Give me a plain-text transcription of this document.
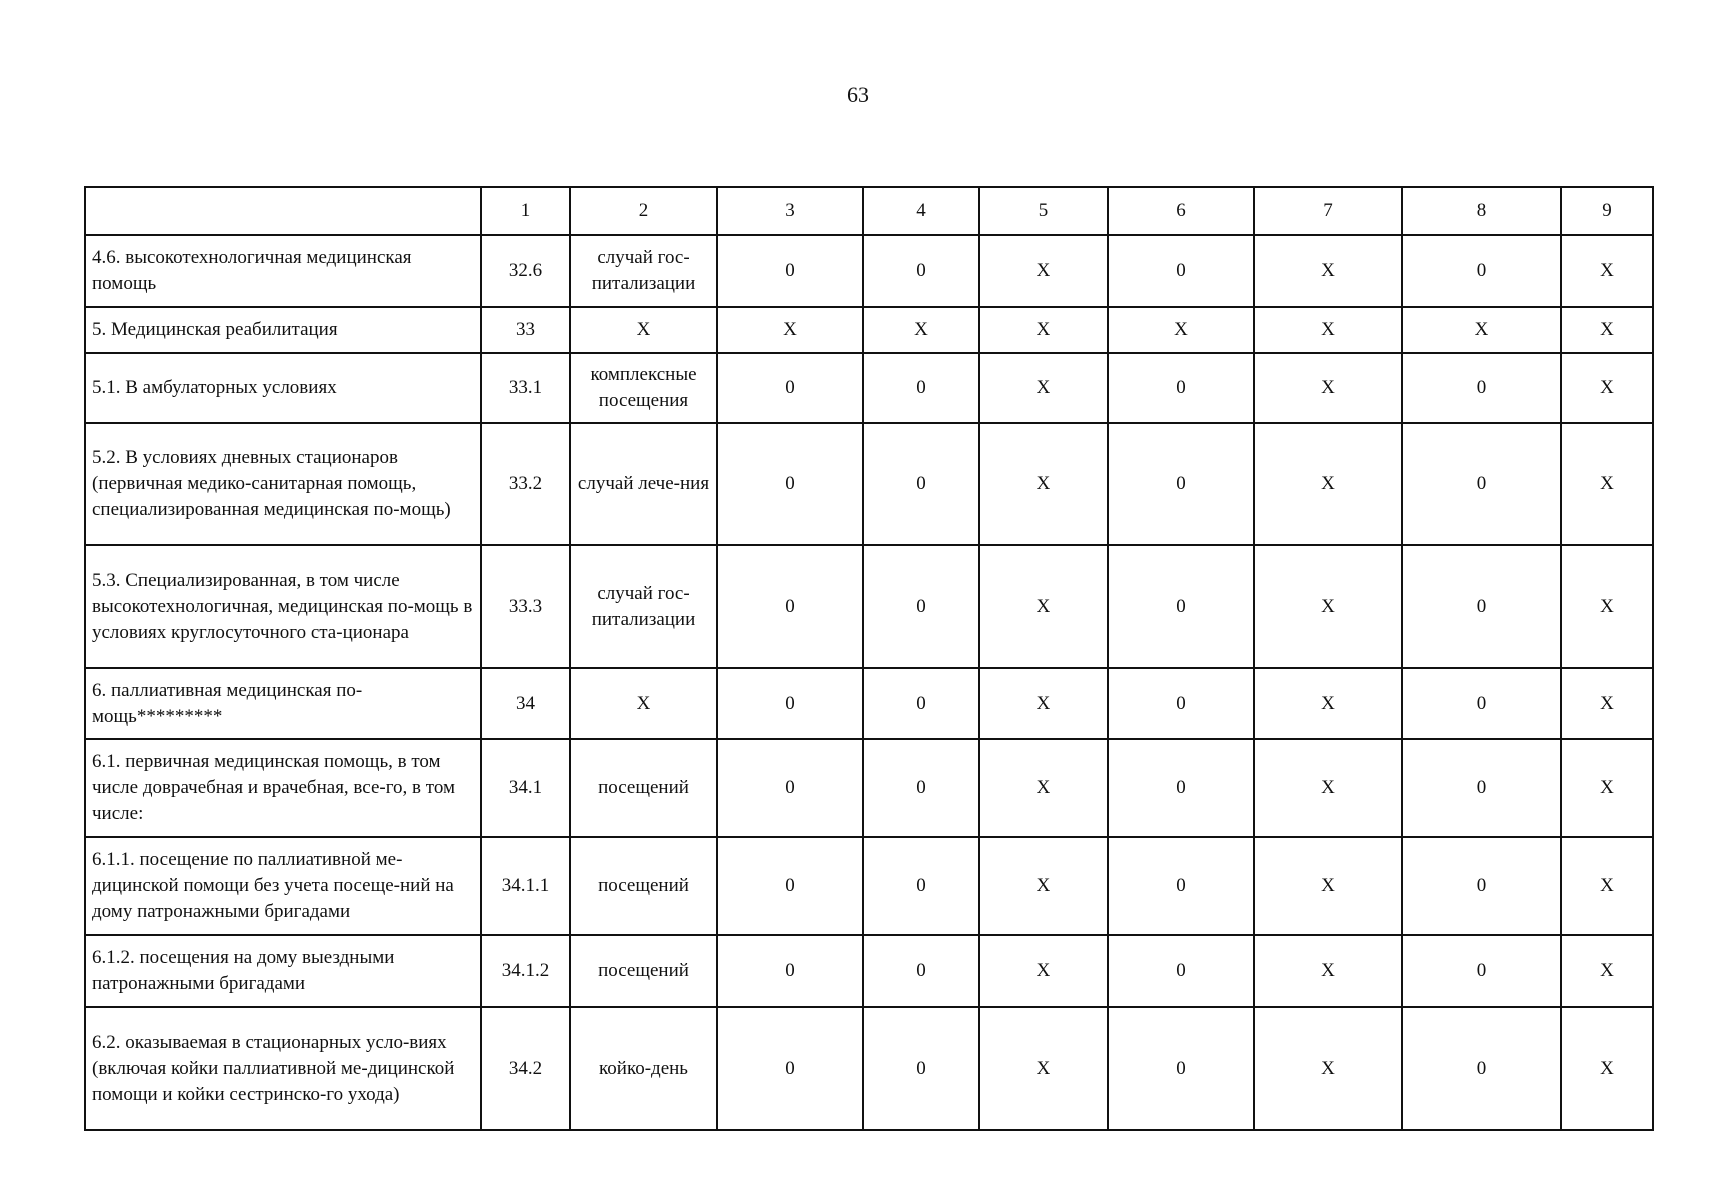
63
	1	2	3	4	5	6	7	8	9
4.6. высокотехнологичная медицинская помощь	32.6	случай гос-питализации	0	0	X	0	X	0	X
5. Медицинская реабилитация	33	X	X	X	X	X	X	X	X
5.1. В амбулаторных условиях	33.1	комплексные посещения	0	0	X	0	X	0	X
5.2. В условиях дневных стационаров (первичная медико-санитарная помощь, специализированная медицинская по-мощь)	33.2	случай лече-ния	0	0	X	0	X	0	X
5.3. Специализированная, в том числе высокотехнологичная, медицинская по-мощь в условиях круглосуточного ста-ционара	33.3	случай гос-питализации	0	0	X	0	X	0	X
6. паллиативная медицинская по-мощь*********	34	X	0	0	X	0	X	0	X
6.1. первичная медицинская помощь, в том числе доврачебная и врачебная, все-го, в том числе:	34.1	посещений	0	0	X	0	X	0	X
6.1.1. посещение по паллиативной ме-дицинской помощи без учета посеще-ний на дому патронажными бригадами	34.1.1	посещений	0	0	X	0	X	0	X
6.1.2. посещения на дому выездными патронажными бригадами	34.1.2	посещений	0	0	X	0	X	0	X
6.2. оказываемая в стационарных усло-виях (включая койки паллиативной ме-дицинской помощи и койки сестринско-го ухода)	34.2	койко-день	0	0	X	0	X	0	X
